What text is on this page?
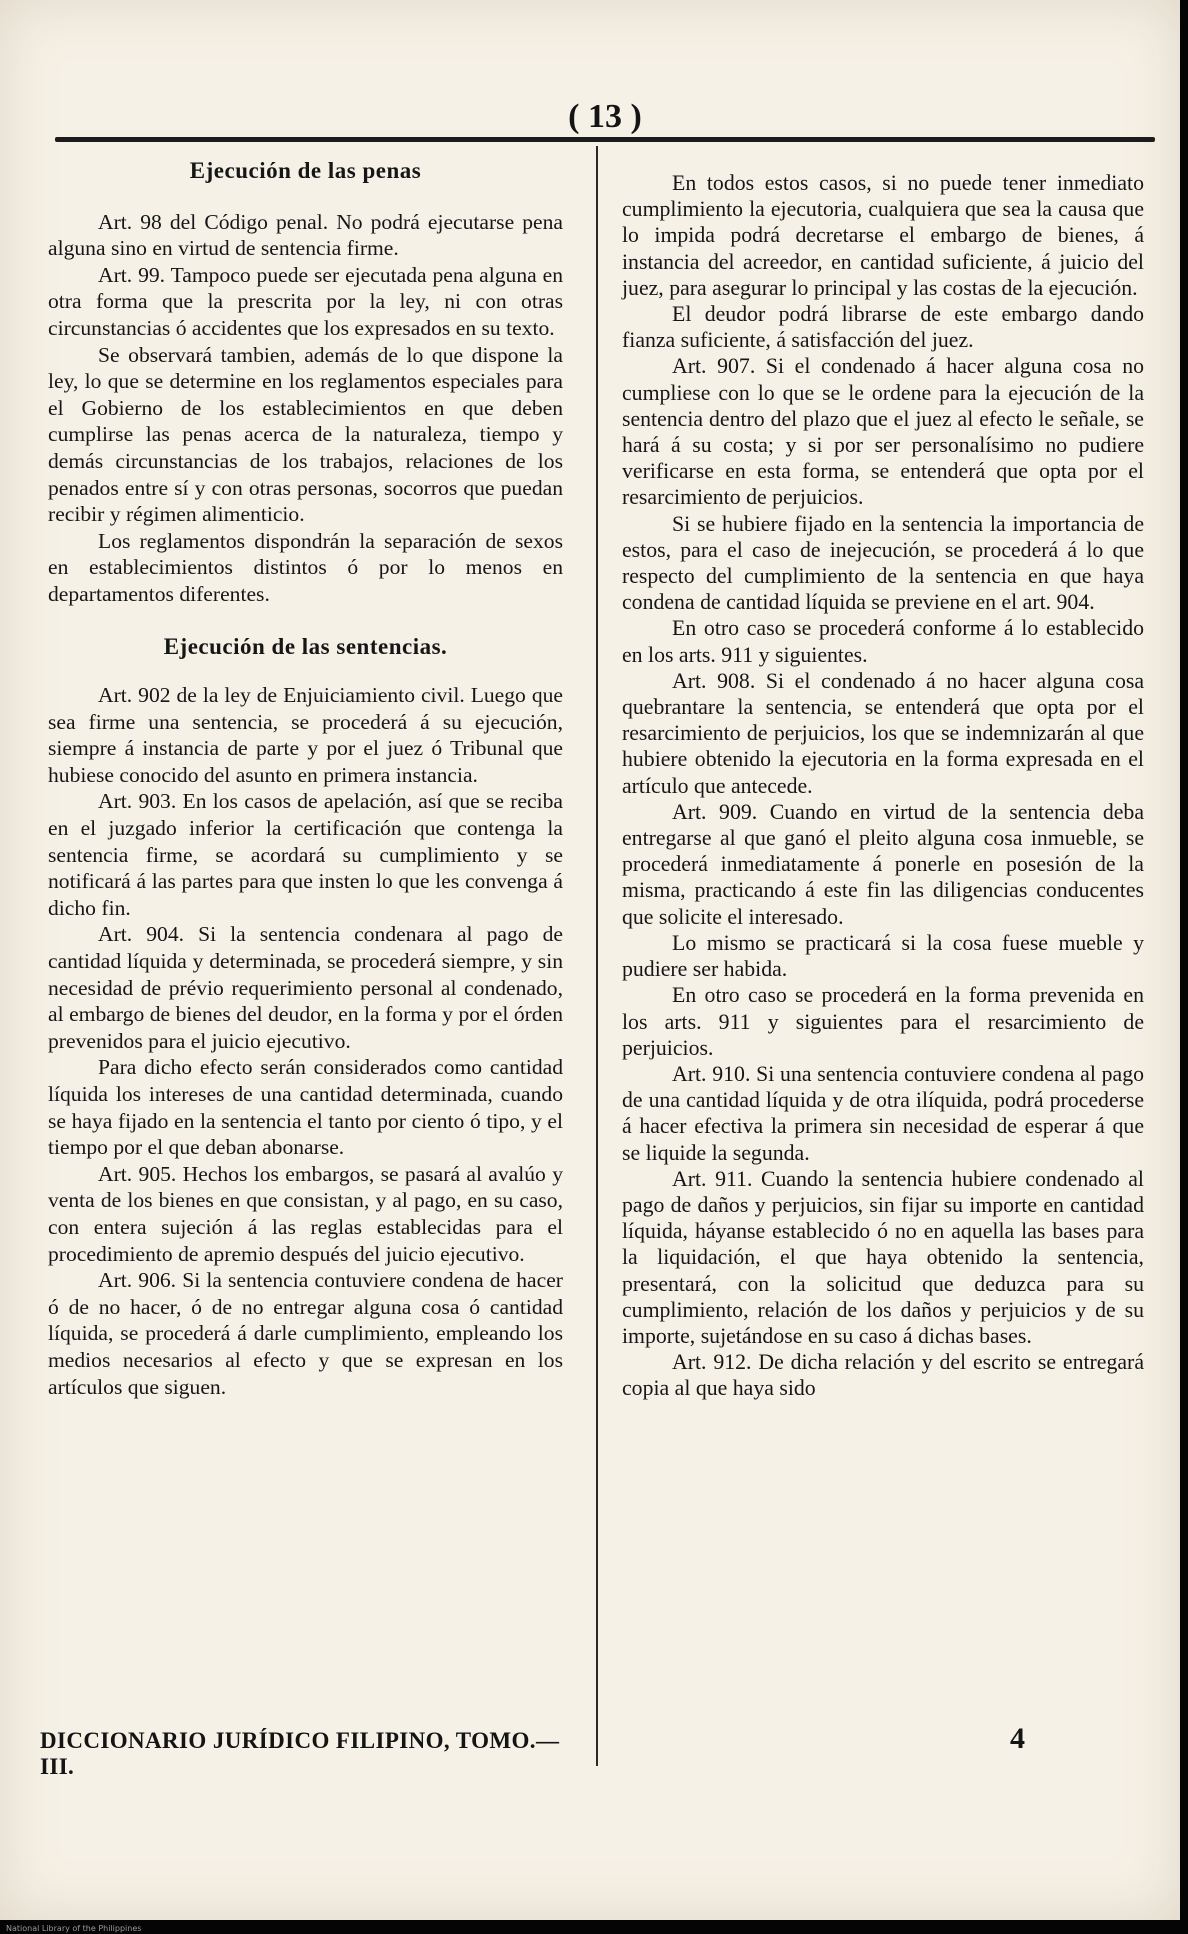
( 13 )
Ejecución de las penas

Art. 98 del Código penal. No podrá ejecutarse pena alguna sino en virtud de sentencia firme.

Art. 99. Tampoco puede ser ejecutada pena alguna en otra forma que la prescrita por la ley, ni con otras circunstancias ó accidentes que los expresados en su texto.

Se observará tambien, además de lo que dispone la ley, lo que se determine en los reglamentos especiales para el Gobierno de los establecimientos en que deben cumplirse las penas acerca de la naturaleza, tiempo y demás circunstancias de los trabajos, relaciones de los penados entre sí y con otras personas, socorros que puedan recibir y régimen alimenticio.

Los reglamentos dispondrán la separación de sexos en establecimientos distintos ó por lo menos en departamentos diferentes.

Ejecución de las sentencias.

Art. 902 de la ley de Enjuiciamiento civil. Luego que sea firme una sentencia, se procederá á su ejecución, siempre á instancia de parte y por el juez ó Tribunal que hubiese conocido del asunto en primera instancia.

Art. 903. En los casos de apelación, así que se reciba en el juzgado inferior la certificación que contenga la sentencia firme, se acordará su cumplimiento y se notificará á las partes para que insten lo que les convenga á dicho fin.

Art. 904. Si la sentencia condenara al pago de cantidad líquida y determinada, se procederá siempre, y sin necesidad de prévio requerimiento personal al condenado, al embargo de bienes del deudor, en la forma y por el órden prevenidos para el juicio ejecutivo.

Para dicho efecto serán considerados como cantidad líquida los intereses de una cantidad determinada, cuando se haya fijado en la sentencia el tanto por ciento ó tipo, y el tiempo por el que deban abonarse.

Art. 905. Hechos los embargos, se pasará al avalúo y venta de los bienes en que consistan, y al pago, en su caso, con entera sujeción á las reglas establecidas para el procedimiento de apremio después del juicio ejecutivo.

Art. 906. Si la sentencia contuviere condena de hacer ó de no hacer, ó de no entregar alguna cosa ó cantidad líquida, se procederá á darle cumplimiento, empleando los medios necesarios al efecto y que se expresan en los artículos que siguen.

En todos estos casos, si no puede tener inmediato cumplimiento la ejecutoria, cualquiera que sea la causa que lo impida podrá decretarse el embargo de bienes, á instancia del acreedor, en cantidad suficiente, á juicio del juez, para asegurar lo principal y las costas de la ejecución.

El deudor podrá librarse de este embargo dando fianza suficiente, á satisfacción del juez.

Art. 907. Si el condenado á hacer alguna cosa no cumpliese con lo que se le ordene para la ejecución de la sentencia dentro del plazo que el juez al efecto le señale, se hará á su costa; y si por ser personalísimo no pudiere verificarse en esta forma, se entenderá que opta por el resarcimiento de perjuicios.

Si se hubiere fijado en la sentencia la importancia de estos, para el caso de inejecución, se procederá á lo que respecto del cumplimiento de la sentencia en que haya condena de cantidad líquida se previene en el art. 904.

En otro caso se procederá conforme á lo establecido en los arts. 911 y siguientes.

Art. 908. Si el condenado á no hacer alguna cosa quebrantare la sentencia, se entenderá que opta por el resarcimiento de perjuicios, los que se indemnizarán al que hubiere obtenido la ejecutoria en la forma expresada en el artículo que antecede.

Art. 909. Cuando en virtud de la sentencia deba entregarse al que ganó el pleito alguna cosa inmueble, se procederá inmediatamente á ponerle en posesión de la misma, practicando á este fin las diligencias conducentes que solicite el interesado.

Lo mismo se practicará si la cosa fuese mueble y pudiere ser habida.

En otro caso se procederá en la forma prevenida en los arts. 911 y siguientes para el resarcimiento de perjuicios.

Art. 910. Si una sentencia contuviere condena al pago de una cantidad líquida y de otra ilíquida, podrá procederse á hacer efectiva la primera sin necesidad de esperar á que se liquide la segunda.

Art. 911. Cuando la sentencia hubiere condenado al pago de daños y perjuicios, sin fijar su importe en cantidad líquida, háyanse establecido ó no en aquella las bases para la liquidación, el que haya obtenido la sentencia, presentará, con la solicitud que deduzca para su cumplimiento, relación de los daños y perjuicios y de su importe, sujetándose en su caso á dichas bases.

Art. 912. De dicha relación y del escrito se entregará copia al que haya sido

DICCIONARIO JURÍDICO FILIPINO, TOMO.—III.
4
National Library of the Philippines
